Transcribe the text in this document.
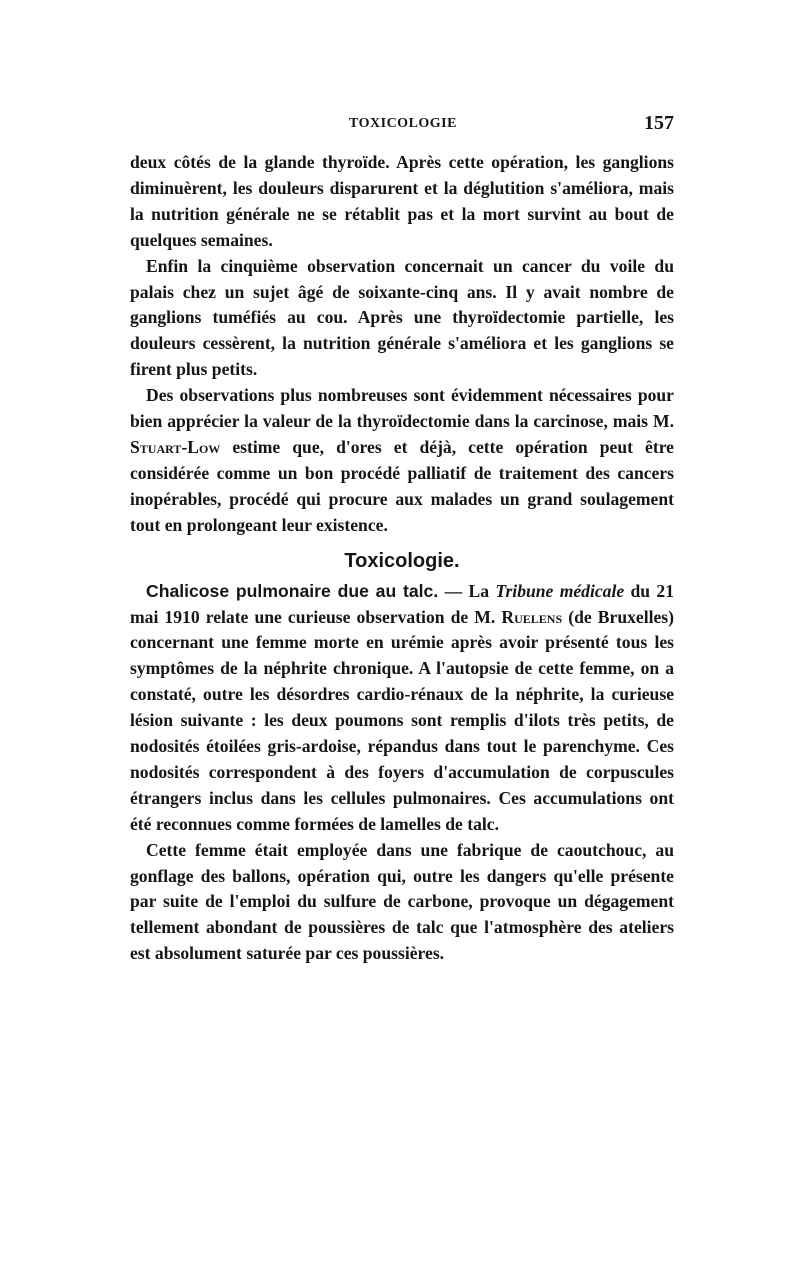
TOXICOLOGIE	157

deux côtés de la glande thyroïde. Après cette opération, les ganglions diminuèrent, les douleurs disparurent et la déglutition s'améliora, mais la nutrition générale ne se rétablit pas et la mort survint au bout de quelques semaines.

Enfin la cinquième observation concernait un cancer du voile du palais chez un sujet âgé de soixante-cinq ans. Il y avait nombre de ganglions tuméfiés au cou. Après une thyroïdectomie partielle, les douleurs cessèrent, la nutrition générale s'améliora et les ganglions se firent plus petits.

Des observations plus nombreuses sont évidemment nécessaires pour bien apprécier la valeur de la thyroïdectomie dans la carcinose, mais M. Stuart-Low estime que, d'ores et déjà, cette opération peut être considérée comme un bon procédé palliatif de traitement des cancers inopérables, procédé qui procure aux malades un grand soulagement tout en prolongeant leur existence.

Toxicologie.

Chalicose pulmonaire due au talc. — La Tribune médicale du 21 mai 1910 relate une curieuse observation de M. Ruelens (de Bruxelles) concernant une femme morte en urémie après avoir présenté tous les symptômes de la néphrite chronique. A l'autopsie de cette femme, on a constaté, outre les désordres cardio-rénaux de la néphrite, la curieuse lésion suivante : les deux poumons sont remplis d'ilots très petits, de nodosités étoilées gris-ardoise, répandus dans tout le parenchyme. Ces nodosités correspondent à des foyers d'accumulation de corpuscules étrangers inclus dans les cellules pulmonaires. Ces accumulations ont été reconnues comme formées de lamelles de talc.

Cette femme était employée dans une fabrique de caoutchouc, au gonflage des ballons, opération qui, outre les dangers qu'elle présente par suite de l'emploi du sulfure de carbone, provoque un dégagement tellement abondant de poussières de talc que l'atmosphère des ateliers est absolument saturée par ces poussières.
